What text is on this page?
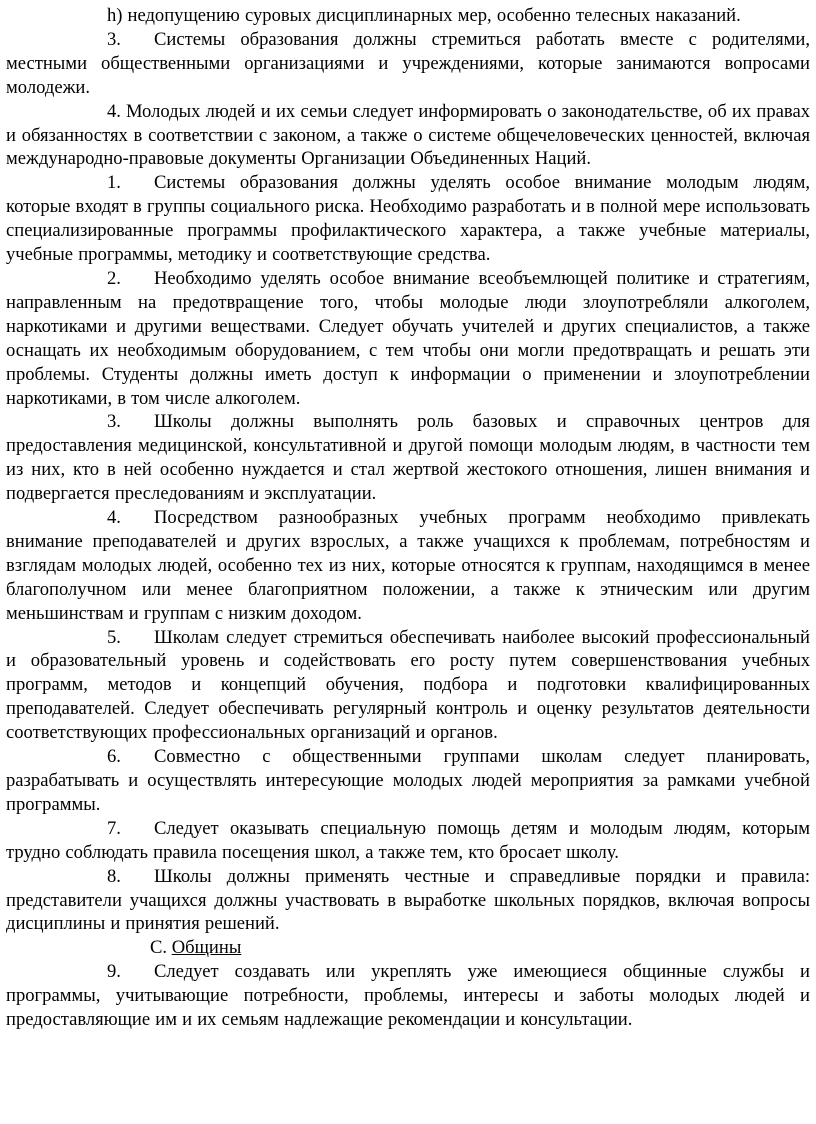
h) недопущению суровых дисциплинарных мер, особенно телесных наказаний.

3. Системы образования должны стремиться работать вместе с родителями, местными общественными организациями и учреждениями, которые занимаются вопросами молодежи.

4. Молодых людей и их семьи следует информировать о законодательстве, об их правах и обязанностях в соответствии с законом, а также о системе общечеловеческих ценностей, включая международно-правовые документы Организации Объединенных Наций.

1. Системы образования должны уделять особое внимание молодым людям, которые входят в группы социального риска. Необходимо разработать и в полной мере использовать специализированные программы профилактического характера, а также учебные материалы, учебные программы, методику и соответствующие средства.

2. Необходимо уделять особое внимание всеобъемлющей политике и стратегиям, направленным на предотвращение того, чтобы молодые люди злоупотребляли алкоголем, наркотиками и другими веществами. Следует обучать учителей и других специалистов, а также оснащать их необходимым оборудованием, с тем чтобы они могли предотвращать и решать эти проблемы. Студенты должны иметь доступ к информации о применении и злоупотреблении наркотиками, в том числе алкоголем.

3. Школы должны выполнять роль базовых и справочных центров для предоставления медицинской, консультативной и другой помощи молодым людям, в частности тем из них, кто в ней особенно нуждается и стал жертвой жестокого отношения, лишен внимания и подвергается преследованиям и эксплуатации.

4. Посредством разнообразных учебных программ необходимо привлекать внимание преподавателей и других взрослых, а также учащихся к проблемам, потребностям и взглядам молодых людей, особенно тех из них, которые относятся к группам, находящимся в менее благополучном или менее благоприятном положении, а также к этническим или другим меньшинствам и группам с низким доходом.

5. Школам следует стремиться обеспечивать наиболее высокий профессиональный и образовательный уровень и содействовать его росту путем совершенствования учебных программ, методов и концепций обучения, подбора и подготовки квалифицированных преподавателей. Следует обеспечивать регулярный контроль и оценку результатов деятельности соответствующих профессиональных организаций и органов.

6. Совместно с общественными группами школам следует планировать, разрабатывать и осуществлять интересующие молодых людей мероприятия за рамками учебной программы.

7. Следует оказывать специальную помощь детям и молодым людям, которым трудно соблюдать правила посещения школ, а также тем, кто бросает школу.

8. Школы должны применять честные и справедливые порядки и правила: представители учащихся должны участвовать в выработке школьных порядков, включая вопросы дисциплины и принятия решений.

C. Общины

9. Следует создавать или укреплять уже имеющиеся общинные службы и программы, учитывающие потребности, проблемы, интересы и заботы молодых людей и предоставляющие им и их семьям надлежащие рекомендации и консультации.
